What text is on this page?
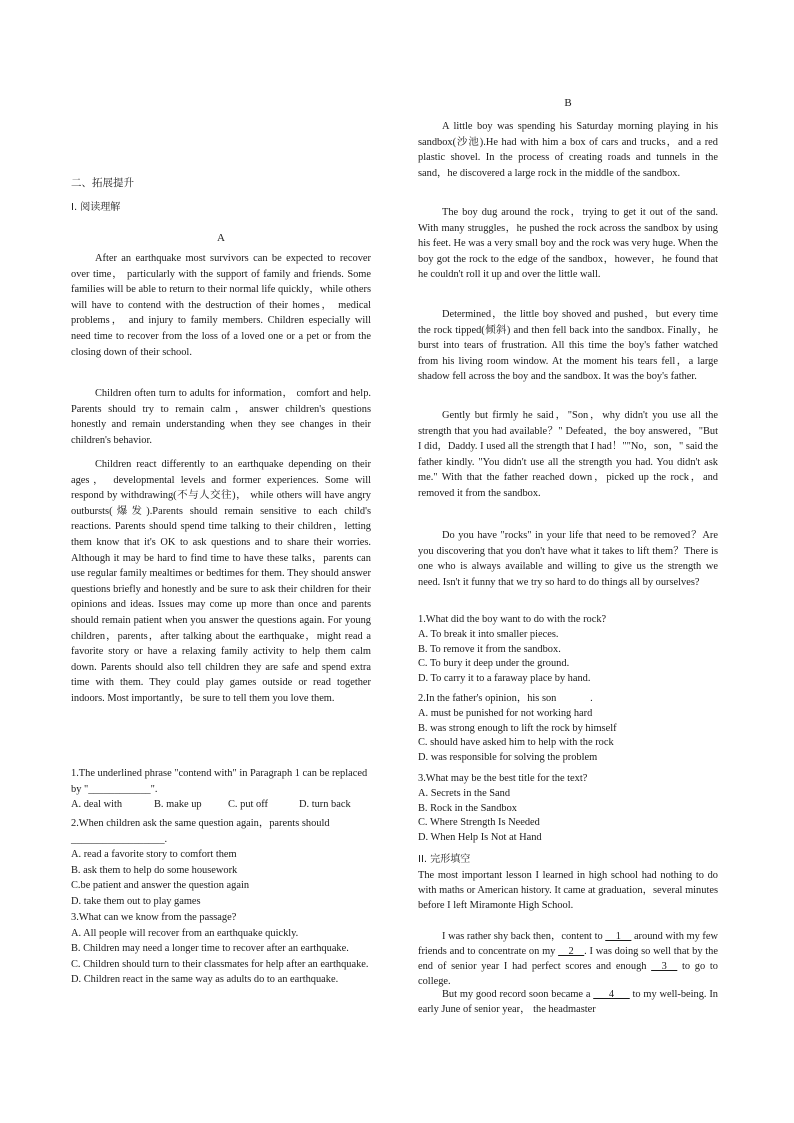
二、拓展提升
I. 阅读理解
A

After an earthquake most survivors can be expected to recover over time， particularly with the support of family and friends. Some families will be able to return to their normal life quickly，while others will have to contend with the destruction of their homes， medical problems， and injury to family members. Children especially will need time to recover from the loss of a loved one or a pet or from the closing down of their school.

Children often turn to adults for information， comfort and help. Parents should try to remain calm，answer children's questions honestly and remain understanding when they see changes in their children's behavior.

Children react differently to an earthquake depending on their ages， developmental levels and former experiences. Some will respond by withdrawing(不与人交往)， while others will have angry outbursts(爆发).Parents should remain sensitive to each child's reactions. Parents should spend time talking to their children，letting them know that it's OK to ask questions and to share their worries. Although it may be hard to find time to have these talks，parents can use regular family mealtimes or bedtimes for them. They should answer questions briefly and honestly and be sure to ask their children for their opinions and ideas. Issues may come up more than once and parents should remain patient when you answer the questions again. For young children，parents，after talking about the earthquake，might read a favorite story or have a relaxing family activity to help them calm down. Parents should also tell children they are safe and spend extra time with them. They could play games outside or read together indoors. Most importantly，be sure to tell them you love them.

1.The underlined phrase "contend with" in Paragraph 1 can be replaced by "____________".
A. deal with	B. make up	C. put off	D. turn back
2.When children ask the same question again，parents should
__________________.
A. read a favorite story to comfort them
B. ask them to help do some housework
C.be patient and answer the question again
D. take them out to play games
3.What can we know from the passage?
A. All people will recover from an earthquake quickly.
B. Children may need a longer time to recover after an earthquake.
C. Children should turn to their classmates for help after an earthquake.
D. Children react in the same way as adults do to an earthquake.
B

A little boy was spending his Saturday morning playing in his sandbox(沙池).He had with him a box of cars and trucks，and a red plastic shovel. In the process of creating roads and tunnels in the sand，he discovered a large rock in the middle of the sandbox.

The boy dug around the rock，trying to get it out of the sand. With many struggles，he pushed the rock across the sandbox by using his feet. He was a very small boy and the rock was very huge. When the boy got the rock to the edge of the sandbox，however，he found that he couldn't roll it up and over the little wall.

Determined，the little boy shoved and pushed，but every time the rock tipped(倾斜) and then fell back into the sandbox. Finally，he burst into tears of frustration. All this time the boy's father watched from his living room window. At the moment his tears fell，a large shadow fell across the boy and the sandbox. It was the boy's father.

Gently but firmly he said，"Son，why didn't you use all the strength that you had available？" Defeated，the boy answered，"But I did，Daddy. I used all the strength that I had！""No，son，" said the father kindly. "You didn't use all the strength you had. You didn't ask me." With that the father reached down，picked up the rock，and removed it from the sandbox.

Do you have "rocks" in your life that need to be removed？Are you discovering that you don't have what it takes to lift them？There is one who is always available and willing to give us the strength we need. Isn't it funny that we try so hard to do things all by ourselves?

1.What did the boy want to do with the rock?
A. To break it into smaller pieces.
B. To remove it from the sandbox.
C. To bury it deep under the ground.
D. To carry it to a faraway place by hand.
2.In the father's opinion，his son             .
A. must be punished for not working hard
B. was strong enough to lift the rock by himself
C. should have asked him to help with the rock
D. was responsible for solving the problem
3.What may be the best title for the text?
A. Secrets in the Sand
B. Rock in the Sandbox
C. Where Strength Is Needed
D. When Help Is Not at Hand
II. 完形填空

The most important lesson I learned in high school had nothing to do with maths or American history. It came at graduation，several minutes before I left Miramonte High School.

I was rather shy back then，content to __1__ around with my few friends and to concentrate on my __2__. I was doing so well that by the end of senior year I had perfect scores and enough __3__ to go to college.

But my good record soon became a ___4___ to my well-being. In early June of senior year， the headmaster
